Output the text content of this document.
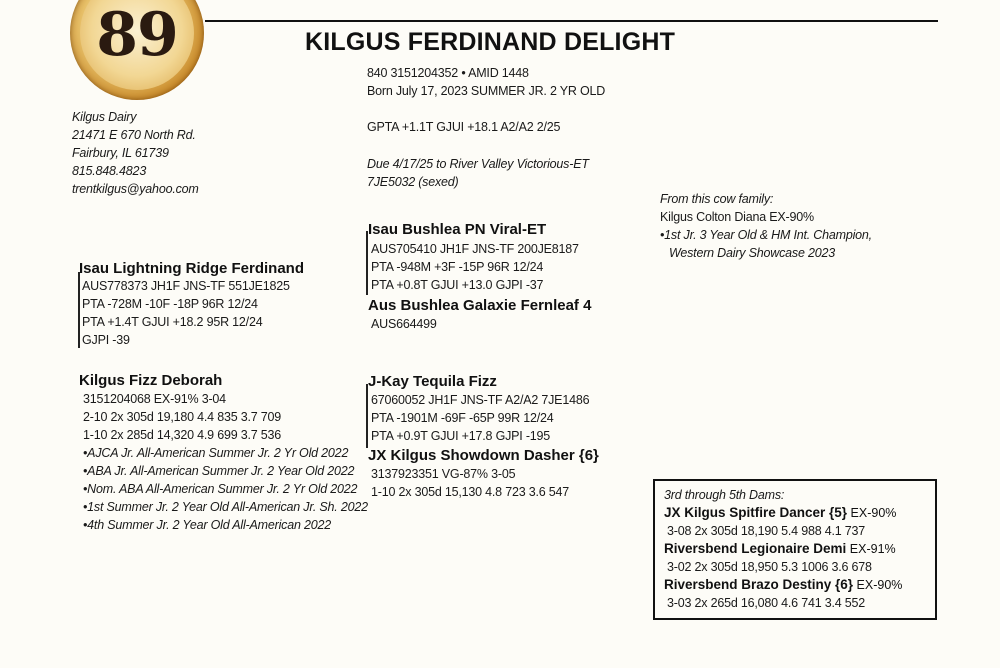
89	KILGUS FERDINAND DELIGHT
840 3151204352 • AMID 1448
Born July 17, 2023 SUMMER JR. 2 YR OLD
GPTA +1.1T GJUI +18.1 A2/A2 2/25
Due 4/17/25 to River Valley Victorious-ET
7JE5032 (sexed)
Kilgus Dairy
21471 E 670 North Rd.
Fairbury, IL 61739
815.848.4823
trentkilgus@yahoo.com
From this cow family:
Kilgus Colton Diana EX-90%
•1st Jr. 3 Year Old & HM Int. Champion,
Western Dairy Showcase 2023
Isau Lightning Ridge Ferdinand
AUS778373 JH1F JNS-TF 551JE1825
PTA -728M -10F -18P 96R 12/24
PTA +1.4T GJUI +18.2 95R 12/24
GJPI -39
Isau Bushlea PN Viral-ET
AUS705410 JH1F JNS-TF 200JE8187
PTA -948M +3F -15P 96R 12/24
PTA +0.8T GJUI +13.0 GJPI -37
Aus Bushlea Galaxie Fernleaf 4
AUS664499
Kilgus Fizz Deborah
3151204068 EX-91% 3-04
2-10 2x 305d 19,180 4.4 835 3.7 709
1-10 2x 285d 14,320 4.9 699 3.7 536
•AJCA Jr. All-American Summer Jr. 2 Yr Old 2022
•ABA Jr. All-American Summer Jr. 2 Year Old 2022
•Nom. ABA All-American Summer Jr. 2 Yr Old 2022
•1st Summer Jr. 2 Year Old All-American Jr. Sh. 2022
•4th Summer Jr. 2 Year Old All-American 2022
J-Kay Tequila Fizz
67060052 JH1F JNS-TF A2/A2 7JE1486
PTA -1901M -69F -65P 99R 12/24
PTA +0.9T GJUI +17.8 GJPI -195
JX Kilgus Showdown Dasher {6}
3137923351 VG-87% 3-05
1-10 2x 305d 15,130 4.8 723 3.6 547	3rd through 5th Dams:
JX Kilgus Spitfire Dancer {5} EX-90%
3-08 2x 305d 18,190 5.4 988 4.1 737
Riversbend Legionaire Demi EX-91%
3-02 2x 305d 18,950 5.3 1006 3.6 678
Riversbend Brazo Destiny {6} EX-90%
3-03 2x 265d 16,080 4.6 741 3.4 552
